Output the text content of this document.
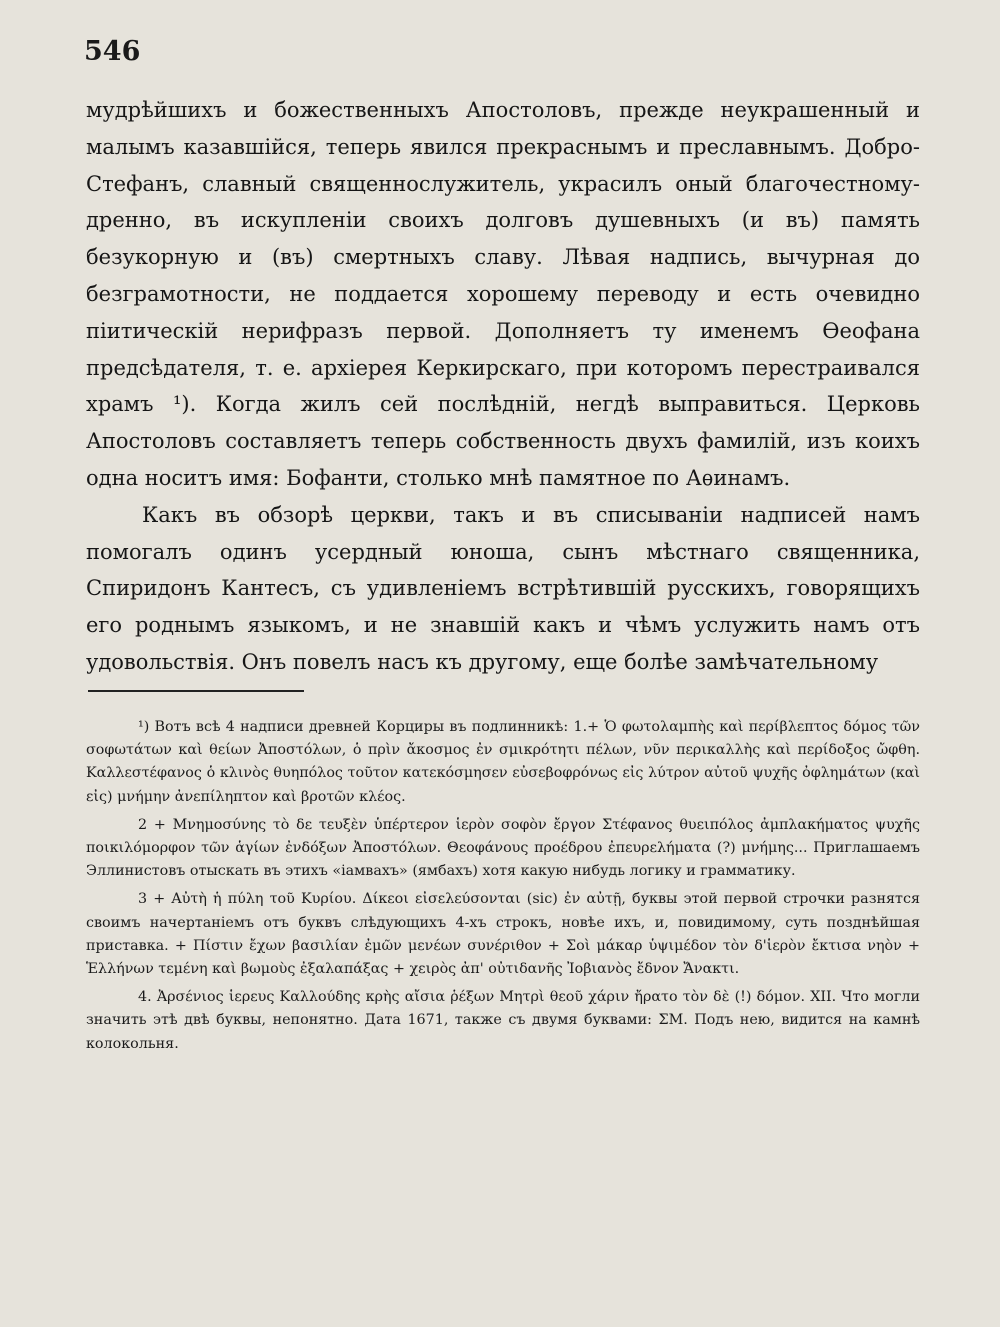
546

мудрѣйшихъ и божественныхъ Апостоловъ, прежде неукрашенный и малымъ казавшійся, теперь явился прекраснымъ и преславнымъ. Добро-Стефанъ, славный священнослужитель, украсилъ оный благочестному-дренно, въ искупленіи своихъ долговъ душевныхъ (и въ) память безукорную и (въ) смертныхъ славу. Лѣвая надпись, вычурная до безграмотности, не поддается хорошему переводу и есть очевидно піитическій нерифразъ первой. Дополняетъ ту именемъ Ѳеофана предсѣдателя, т. е. архіерея Керкирскаго, при которомъ перестраивался храмъ ¹). Когда жилъ сей послѣдній, негдѣ выправиться. Церковь Апостоловъ составляетъ теперь собственность двухъ фамилій, изъ коихъ одна носитъ имя: Бофанти, столько мнѣ памятное по Аѳинамъ.

Какъ въ обзорѣ церкви, такъ и въ списываніи надписей намъ помогалъ одинъ усердный юноша, сынъ мѣстнаго священника, Спиридонъ Кантесъ, съ удивленіемъ встрѣтившій русскихъ, говорящихъ его роднымъ языкомъ, и не знавшій какъ и чѣмъ услужить намъ отъ удовольствія. Онъ повелъ насъ къ другому, еще болѣе замѣчательному

¹) Вотъ всѣ 4 надписи древней Корциры въ подлинникѣ: 1.+ Ὁ φωτολαμπὴς καὶ περίβλεπτος δόμος τῶν σοφωτάτων καὶ θείων Ἀποστόλων, ὁ πρὶν ἄκοσμος ἐν σμικρότητι πέλων, νῦν περικαλλὴς καὶ περίδοξος ὤφθη. Καλλεστέφανος ὁ κλινὸς θυηπόλος τοῦτον κατεκόσμησεν εὐσεβοφρόνως εἰς λύτρον αὐτοῦ ψυχῆς ὀφλημάτων (καὶ εἰς) μνήμην ἀνεπίληπτον καὶ βροτῶν κλέος.

2 + Μνημοσύνης τὸ δε τευξὲν ὑπέρτερον ἱερὸν σοφὸν ἔργον Στέφανος θυειπόλος ἀμπλακήματος ψυχῆς ποικιλόμορφον τῶν ἁγίων ἐνδόξων Ἀποστόλων. Θεοφάνους προέδρου ἐπευρελήματα (?) μνήμης... Приглашаемъ Эллинистовъ отыскать въ этихъ «іамвахъ» (ямбахъ) хотя какую нибудь логику и грамматику.

3 + Αὐτὴ ἡ πύλη τοῦ Κυρίου. Δίκεοι εἰσελεύσονται (sic) ἐν αὐτῇ, буквы этой первой строчки разнятся своимъ начертаніемъ отъ буквъ слѣдующихъ 4-хъ строкъ, новѣе ихъ, и, повидимому, суть позднѣйшая приставка. + Πίστιν ἔχων βασιλίαν ἐμῶν μενέων συνέριθον + Σοὶ μάκαρ ὑψιμέδον τὸν δ'ἱερὸν ἔκτισα νηὸν + Ἑλλήνων τεμένη καὶ βωμοὺς ἐξαλαπάξας + χειρὸς ἀπ' οὐτιδανῆς Ἰοβιανὸς ἔδνον Ἄνακτι.

4. Ἀρσένιος ἱερευς Καλλούδης κρὴς αἴσια ῥέξων Μητρὶ θεοῦ χάριν ἤρατο τὸν δὲ (!) δόμον. XII. Что могли значить этѣ двѣ буквы, непонятно. Дата 1671, также съ двумя буквами: ΣΜ. Подъ нею, видится на камнѣ колокольня.
